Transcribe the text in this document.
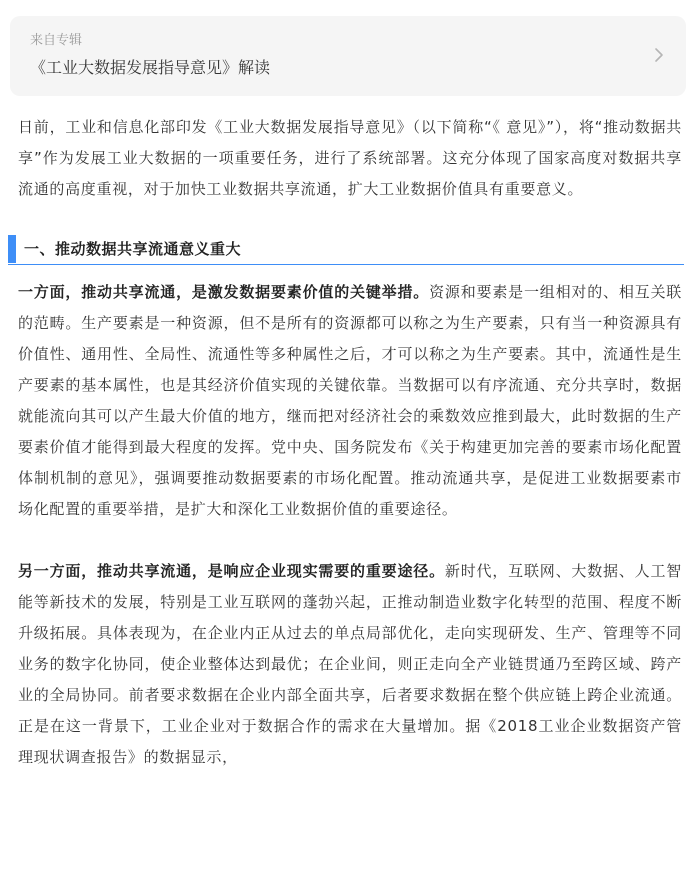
来自专辑
《工业大数据发展指导意见》解读

日前，工业和信息化部印发《工业大数据发展指导意见》（以下简称“《 意见》”），将“推动数据共享”作为发展工业大数据的一项重要任务，进行了系统部署。这充分体现了国家高度对数据共享流通的高度重视，对于加快工业数据共享流通，扩大工业数据价值具有重要意义。

一、推动数据共享流通意义重大

一方面，推动共享流通，是激发数据要素价值的关键举措。资源和要素是一组相对的、相互关联的范畴。生产要素是一种资源，但不是所有的资源都可以称之为生产要素，只有当一种资源具有价值性、通用性、全局性、流通性等多种属性之后，才可以称之为生产要素。其中，流通性是生产要素的基本属性，也是其经济价值实现的关键依靠。当数据可以有序流通、充分共享时，数据就能流向其可以产生最大价值的地方，继而把对经济社会的乘数效应推到最大，此时数据的生产要素价值才能得到最大程度的发挥。党中央、国务院发布《关于构建更加完善的要素市场化配置体制机制的意见》，强调要推动数据要素的市场化配置。推动流通共享，是促进工业数据要素市场化配置的重要举措，是扩大和深化工业数据价值的重要途径。

另一方面，推动共享流通，是响应企业现实需要的重要途径。新时代，互联网、大数据、人工智能等新技术的发展，特别是工业互联网的蓬勃兴起，正推动制造业数字化转型的范围、程度不断升级拓展。具体表现为，在企业内正从过去的单点局部优化，走向实现研发、生产、管理等不同业务的数字化协同，使企业整体达到最优；在企业间，则正走向全产业链贯通乃至跨区域、跨产业的全局协同。前者要求数据在企业内部全面共享，后者要求数据在整个供应链上跨企业流通。正是在这一背景下，工业企业对于数据合作的需求在大量增加。据《2018工业企业数据资产管理现状调查报告》的数据显示，
